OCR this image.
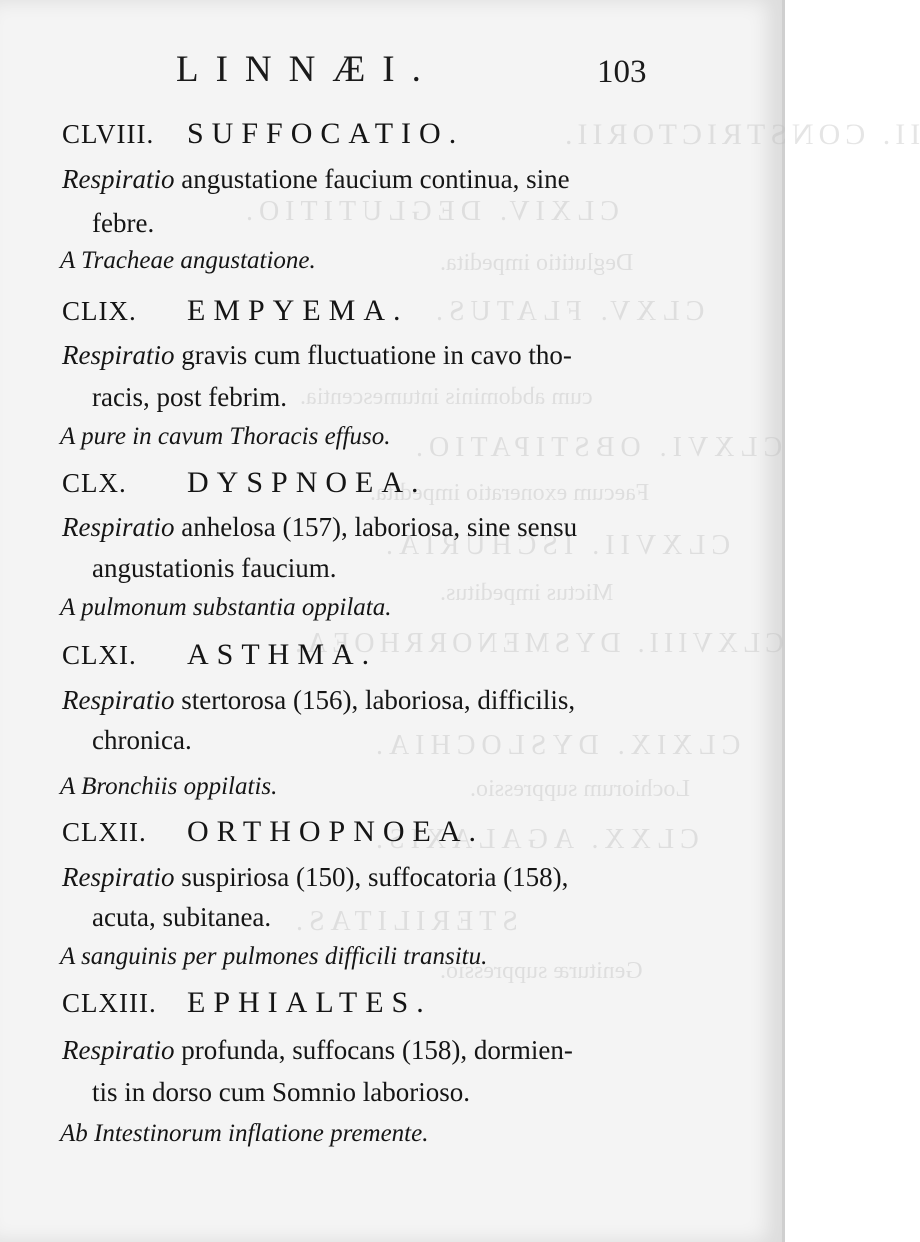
II. CONSTRICTORII.
CLXIV. DEGLUTITIO.
Deglutitio impedita.
CLXV. FLATUS.
cum abdominis intumescentia.
CLXVI. OBSTIPATIO.
Faecum exoneratio impedita.
CLXVII. ISCHURIA.
Mictus impeditus.
CLXVIII. DYSMENORRHOEA.
CLXIX. DYSLOCHIA.
Lochiorum suppressio.
CLXX. AGALAXIS.
STERILITAS.
Genituræ suppressio.
LINNÆI.	103
CLVIII. SUFFOCATIO.
Respiratio angustatione faucium continua, sine
febre.
A Tracheae angustatione.
CLIX. EMPYEMA.
Respiratio gravis cum fluctuatione in cavo tho-
racis, post febrim.
A pure in cavum Thoracis effuso.
CLX. DYSPNOEA.
Respiratio anhelosa (157), laboriosa, sine sensu
angustationis faucium.
A pulmonum substantia oppilata.
CLXI. ASTHMA.
Respiratio stertorosa (156), laboriosa, difficilis,
chronica.
A Bronchiis oppilatis.
CLXII. ORTHOPNOEA.
Respiratio suspiriosa (150), suffocatoria (158),
acuta, subitanea.
A sanguinis per pulmones difficili transitu.
CLXIII. EPHIALTES.
Respiratio profunda, suffocans (158), dormien-
tis in dorso cum Somnio laborioso.
Ab Intestinorum inflatione premente.
